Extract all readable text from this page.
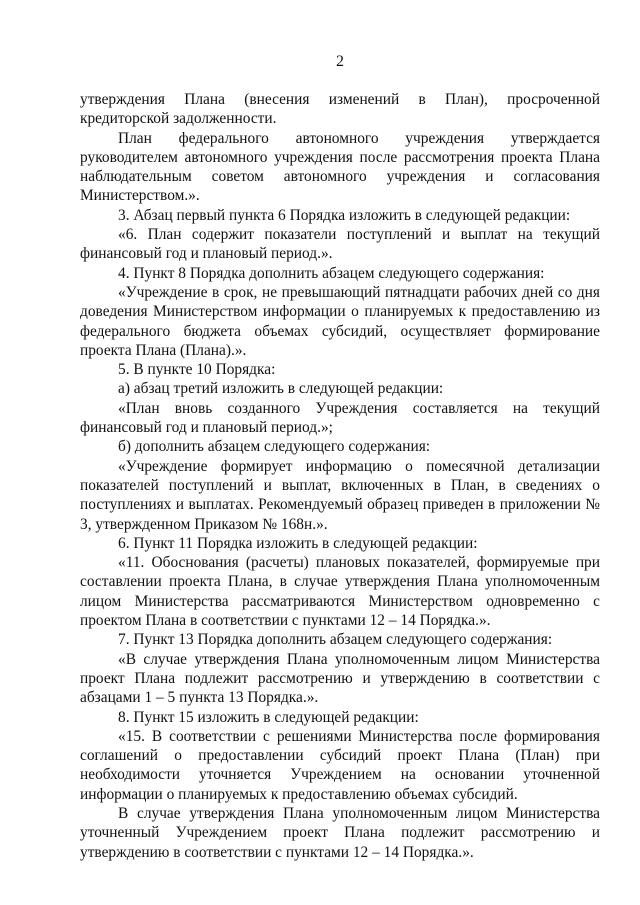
2

утверждения Плана (внесения изменений в План), просроченной кредиторской задолженности.

План федерального автономного учреждения утверждается руководителем автономного учреждения после рассмотрения проекта Плана наблюдательным советом автономного учреждения и согласования Министерством.».

3. Абзац первый пункта 6 Порядка изложить в следующей редакции:

«6. План содержит показатели поступлений и выплат на текущий финансовый год и плановый период.».

4. Пункт 8 Порядка дополнить абзацем следующего содержания:

«Учреждение в срок, не превышающий пятнадцати рабочих дней со дня доведения Министерством информации о планируемых к предоставлению из федерального бюджета объемах субсидий, осуществляет формирование проекта Плана (Плана).».

5. В пункте 10 Порядка:

а) абзац третий изложить в следующей редакции:

«План вновь созданного Учреждения составляется на текущий финансовый год и плановый период.»;

б) дополнить абзацем следующего содержания:

«Учреждение формирует информацию о помесячной детализации показателей поступлений и выплат, включенных в План, в сведениях о поступлениях и выплатах. Рекомендуемый образец приведен в приложении № 3, утвержденном Приказом № 168н.».

6. Пункт 11 Порядка изложить в следующей редакции:

«11. Обоснования (расчеты) плановых показателей, формируемые при составлении проекта Плана, в случае утверждения Плана уполномоченным лицом Министерства рассматриваются Министерством одновременно с проектом Плана в соответствии с пунктами 12 – 14 Порядка.».

7. Пункт 13 Порядка дополнить абзацем следующего содержания:

«В случае утверждения Плана уполномоченным лицом Министерства проект Плана подлежит рассмотрению и утверждению в соответствии с абзацами 1 – 5 пункта 13 Порядка.».

8. Пункт 15 изложить в следующей редакции:

«15. В соответствии с решениями Министерства после формирования соглашений о предоставлении субсидий проект Плана (План) при необходимости уточняется Учреждением на основании уточненной информации о планируемых к предоставлению объемах субсидий.

В случае утверждения Плана уполномоченным лицом Министерства уточненный Учреждением проект Плана подлежит рассмотрению и утверждению в соответствии с пунктами 12 – 14 Порядка.».
